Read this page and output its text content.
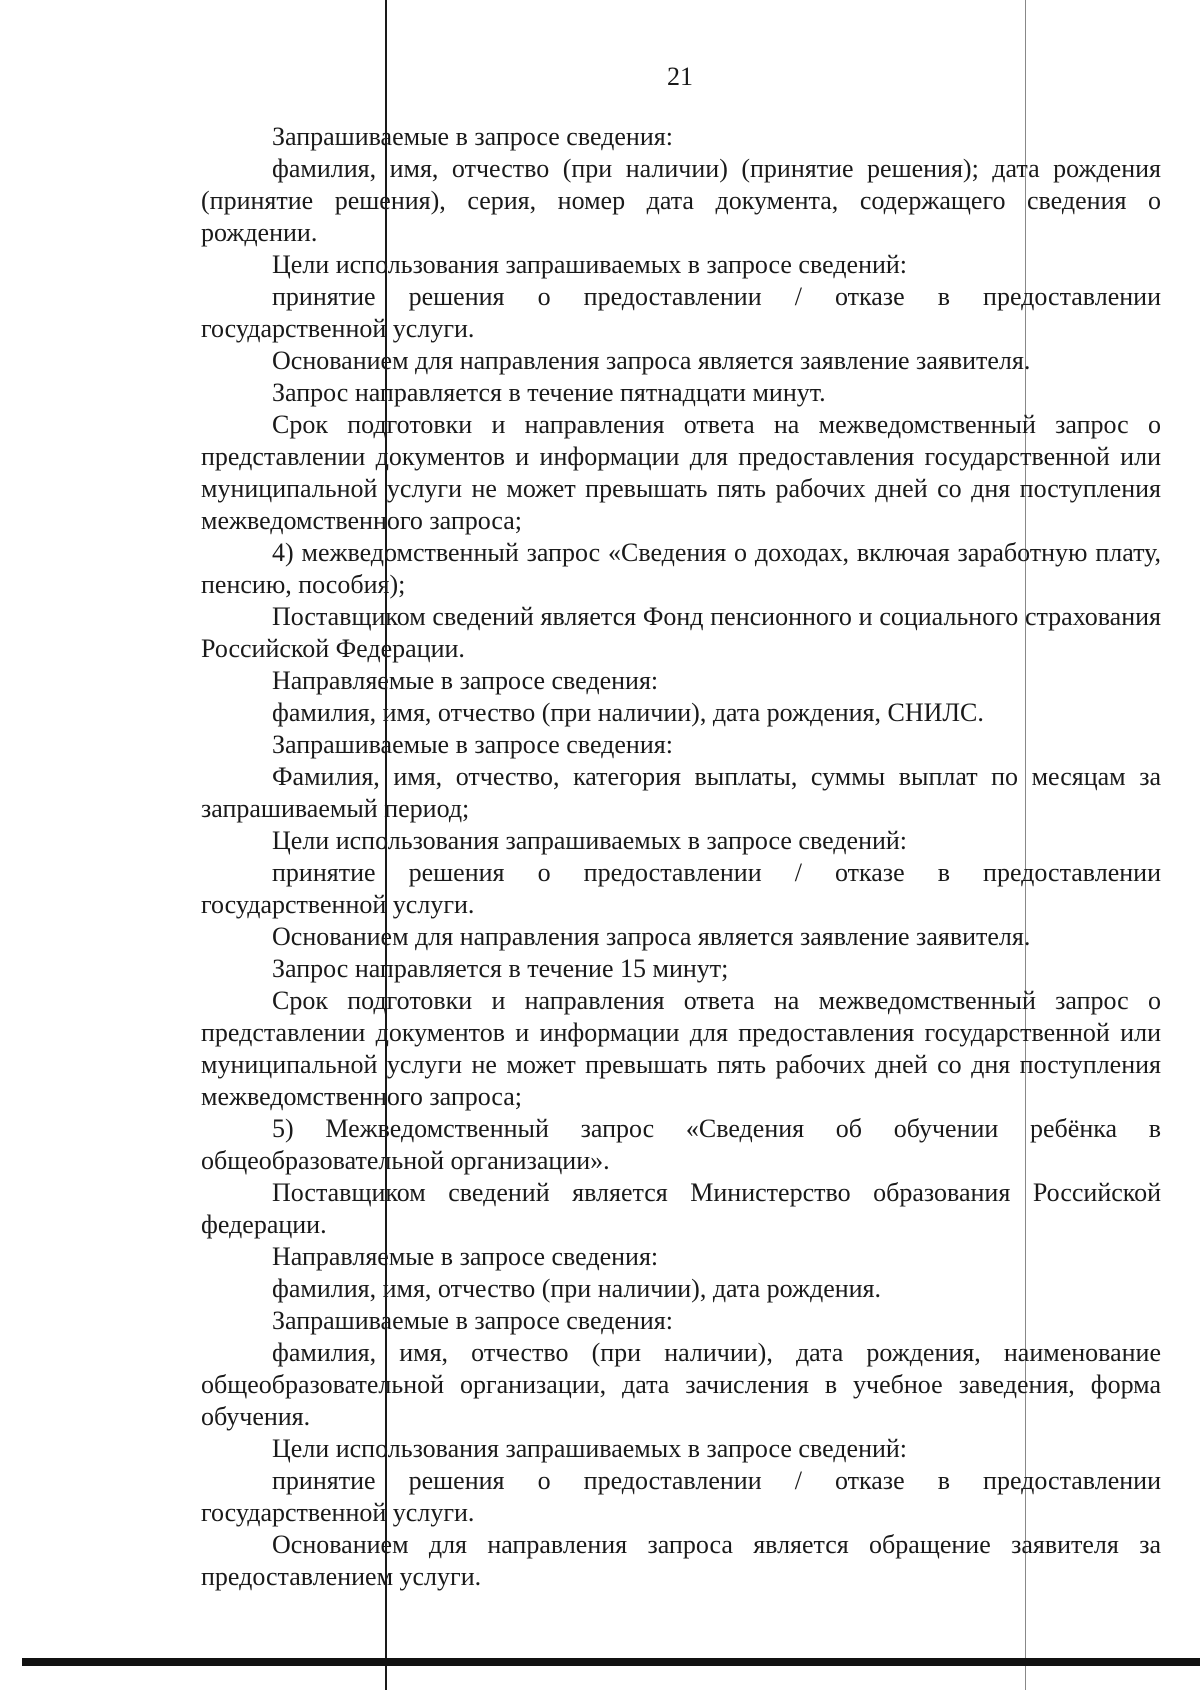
21

Запрашиваемые в запросе сведения:

фамилия, имя, отчество (при наличии) (принятие решения); дата рождения (принятие решения), серия, номер дата документа, содержащего сведения о рождении.

Цели использования запрашиваемых в запросе сведений:

принятие решения о предоставлении / отказе в предоставлении государственной услуги.

Основанием для направления запроса является заявление заявителя.

Запрос направляется в течение пятнадцати минут.

Срок подготовки и направления ответа на межведомственный запрос о представлении документов и информации для предоставления государственной или муниципальной услуги не может превышать пять рабочих дней со дня поступления межведомственного запроса;

4) межведомственный запрос «Сведения о доходах, включая заработную плату, пенсию, пособия);

Поставщиком сведений является Фонд пенсионного и социального страхования Российской Федерации.

Направляемые в запросе сведения:

фамилия, имя, отчество (при наличии), дата рождения, СНИЛС.

Запрашиваемые в запросе сведения:

Фамилия, имя, отчество, категория выплаты, суммы выплат по месяцам за запрашиваемый период;

Цели использования запрашиваемых в запросе сведений:

принятие решения о предоставлении / отказе в предоставлении государственной услуги.

Основанием для направления запроса является заявление заявителя.

Запрос направляется в течение 15 минут;

Срок подготовки и направления ответа на межведомственный запрос о представлении документов и информации для предоставления государственной или муниципальной услуги не может превышать пять рабочих дней со дня поступления межведомственного запроса;

5) Межведомственный запрос «Сведения об обучении ребёнка в общеобразовательной организации».

Поставщиком сведений является Министерство образования Российской федерации.

Направляемые в запросе сведения:

фамилия, имя, отчество (при наличии), дата рождения.

Запрашиваемые в запросе сведения:

фамилия, имя, отчество (при наличии), дата рождения, наименование общеобразовательной организации, дата зачисления в учебное заведения, форма обучения.

Цели использования запрашиваемых в запросе сведений:

принятие решения о предоставлении / отказе в предоставлении государственной услуги.

Основанием для направления запроса является обращение заявителя за предоставлением услуги.
